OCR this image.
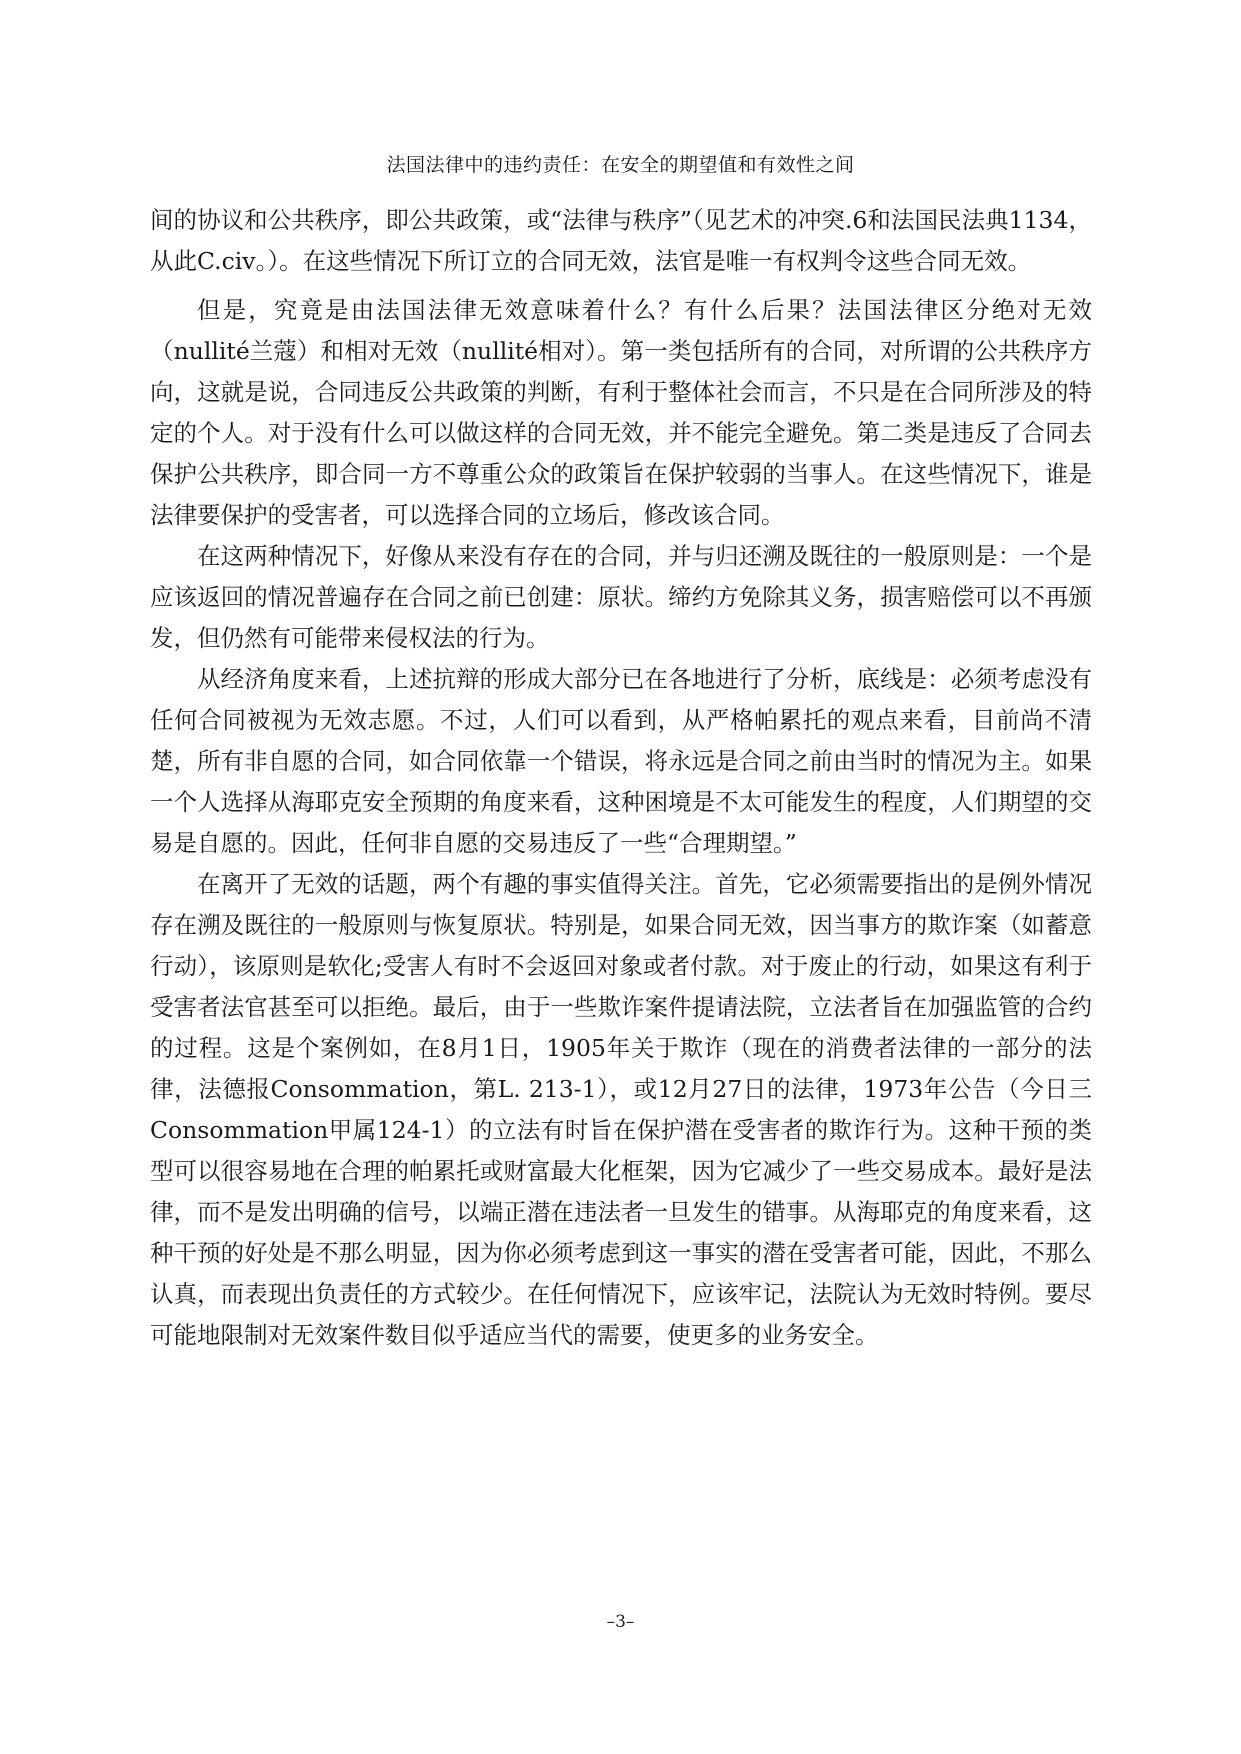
法国法律中的违约责任：在安全的期望值和有效性之间

间的协议和公共秩序，即公共政策，或“法律与秩序”（见艺术的冲突.6和法国民法典1134，从此C.civ。）。在这些情况下所订立的合同无效，法官是唯一有权判令这些合同无效。

但是，究竟是由法国法律无效意味着什么？有什么后果？法国法律区分绝对无效（nullité兰蔻）和相对无效（nullité相对）。第一类包括所有的合同，对所谓的公共秩序方向，这就是说，合同违反公共政策的判断，有利于整体社会而言，不只是在合同所涉及的特定的个人。对于没有什么可以做这样的合同无效，并不能完全避免。第二类是违反了合同去保护公共秩序，即合同一方不尊重公众的政策旨在保护较弱的当事人。在这些情况下，谁是法律要保护的受害者，可以选择合同的立场后，修改该合同。

在这两种情况下，好像从来没有存在的合同，并与归还溯及既往的一般原则是：一个是应该返回的情况普遍存在合同之前已创建：原状。缔约方免除其义务，损害赔偿可以不再颁发，但仍然有可能带来侵权法的行为。

从经济角度来看，上述抗辩的形成大部分已在各地进行了分析，底线是：必须考虑没有任何合同被视为无效志愿。不过，人们可以看到，从严格帕累托的观点来看，目前尚不清楚，所有非自愿的合同，如合同依靠一个错误，将永远是合同之前由当时的情况为主。如果一个人选择从海耶克安全预期的角度来看，这种困境是不太可能发生的程度，人们期望的交易是自愿的。因此，任何非自愿的交易违反了一些“合理期望。”

在离开了无效的话题，两个有趣的事实值得关注。首先，它必须需要指出的是例外情况存在溯及既往的一般原则与恢复原状。特别是，如果合同无效，因当事方的欺诈案（如蓄意行动），该原则是软化;受害人有时不会返回对象或者付款。对于废止的行动，如果这有利于受害者法官甚至可以拒绝。最后，由于一些欺诈案件提请法院，立法者旨在加强监管的合约的过程。这是个案例如，在8月1日，1905年关于欺诈（现在的消费者法律的一部分的法律，法德报Consommation，第L. 213-1），或12月27日的法律，1973年公告（今日三Consommation甲属124-1）的立法有时旨在保护潜在受害者的欺诈行为。这种干预的类型可以很容易地在合理的帕累托或财富最大化框架，因为它减少了一些交易成本。最好是法律，而不是发出明确的信号，以端正潜在违法者一旦发生的错事。从海耶克的角度来看，这种干预的好处是不那么明显，因为你必须考虑到这一事实的潜在受害者可能，因此，不那么认真，而表现出负责任的方式较少。在任何情况下，应该牢记，法院认为无效时特例。要尽可能地限制对无效案件数目似乎适应当代的需要，使更多的业务安全。

–3–
